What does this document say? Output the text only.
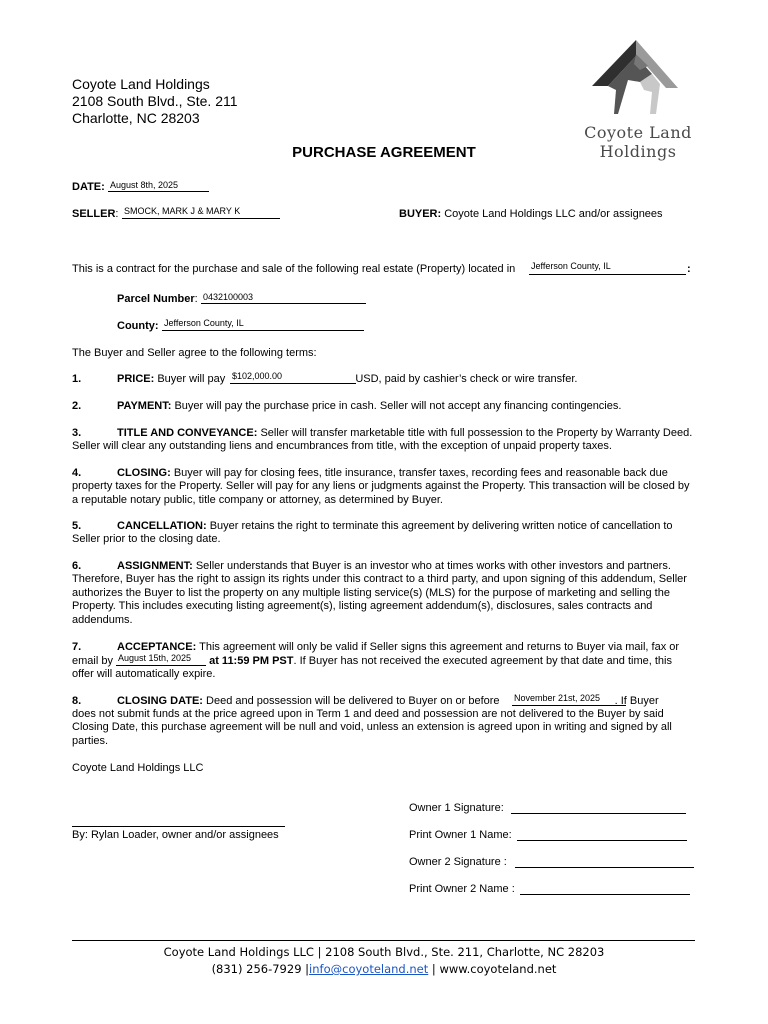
Coyote Land Holdings
2108 South Blvd., Ste. 211
Charlotte, NC 28203
Coyote Land
Holdings
PURCHASE AGREEMENT
DATE: August 8th, 2025
SELLER: SMOCK, MARK J & MARY K	BUYER: Coyote Land Holdings LLC and/or assignees
This is a contract for the purchase and sale of the following real estate (Property) located in Jefferson County, IL	:
Parcel Number: 0432100003
County: Jefferson County, IL
The Buyer and Seller agree to the following terms:
1.	PRICE: Buyer will pay	USD, paid by cashier’s check or wire transfer.
$102,000.00
2.	PAYMENT: Buyer will pay the purchase price in cash. Seller will not accept any financing contingencies.
3.	TITLE AND CONVEYANCE: Seller will transfer marketable title with full possession to the Property by Warranty Deed. Seller will clear any outstanding liens and encumbrances from title, with the exception of unpaid property taxes.
4.	CLOSING: Buyer will pay for closing fees, title insurance, transfer taxes, recording fees and reasonable back due property taxes for the Property. Seller will pay for any liens or judgments against the Property. This transaction will be closed by a reputable notary public, title company or attorney, as determined by Buyer.
5.	CANCELLATION: Buyer retains the right to terminate this agreement by delivering written notice of cancellation to Seller prior to the closing date.
6.	ASSIGNMENT: Seller understands that Buyer is an investor who at times works with other investors and partners. Therefore, Buyer has the right to assign its rights under this contract to a third party, and upon signing of this addendum, Seller authorizes the Buyer to list the property on any multiple listing service(s) (MLS) for the purpose of marketing and selling the Property. This includes executing listing agreement(s), listing agreement addendum(s), disclosures, sales contracts and addendums.
7.	ACCEPTANCE: This agreement will only be valid if Seller signs this agreement and returns to Buyer via mail, fax or
email by	at 11:59 PM PST. If Buyer has not received the executed agreement by that date and time, this
August 15th, 2025
offer will automatically expire.
8.	CLOSING DATE: Deed and possession will be delivered to Buyer on or before	. If Buyer
November 21st, 2025
does not submit funds at the price agreed upon in Term 1 and deed and possession are not delivered to the Buyer by said Closing Date, this purchase agreement will be null and void, unless an extension is agreed upon in writing and signed by all parties.
Coyote Land Holdings LLC
By: Rylan Loader, owner and/or assignees
Owner 1 Signature:
Print Owner 1 Name:
Owner 2 Signature :
Print Owner 2 Name :
Coyote Land Holdings LLC | 2108 South Blvd., Ste. 211, Charlotte, NC 28203
(831) 256-7929 |info@coyoteland.net | www.coyoteland.net
